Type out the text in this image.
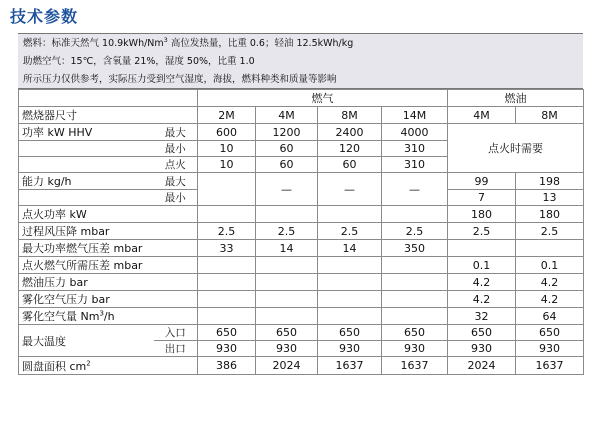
技术参数
燃料：标准天然气 10.9kWh/Nm$^3$ 高位发热量，比重 0.6；轻油 12.5kWh/kg
助燃空气：15℃，含氧量 21%，湿度 50%，比重 1.0
所示压力仅供参考，实际压力受到空气湿度，海拔，燃料种类和质量等影响
		燃气				燃油	
燃烧器尺寸		2M	4M	8M	14M	4M	8M
功率 kW HHV	最大	600	1200	2400	4000	点火时需要	
	最小	10	60	120	310		
	点火	10	60	60	310		
能力 kg/h	最大		—	—	—	99	198
	最小					7	13
点火功率 kW						180	180
过程风压降 mbar		2.5	2.5	2.5	2.5	2.5	2.5
最大功率燃气压差 mbar		33	14	14	350		
点火燃气所需压差 mbar						0.1	0.1
燃油压力 bar						4.2	4.2
雾化空气压力 bar						4.2	4.2
雾化空气量 Nm$^3$/h						32	64
最大温度	入口	650	650	650	650	650	650
	出口	930	930	930	930	930	930
圆盘面积 $cm^2$		386	2024	1637	1637	2024	1637
